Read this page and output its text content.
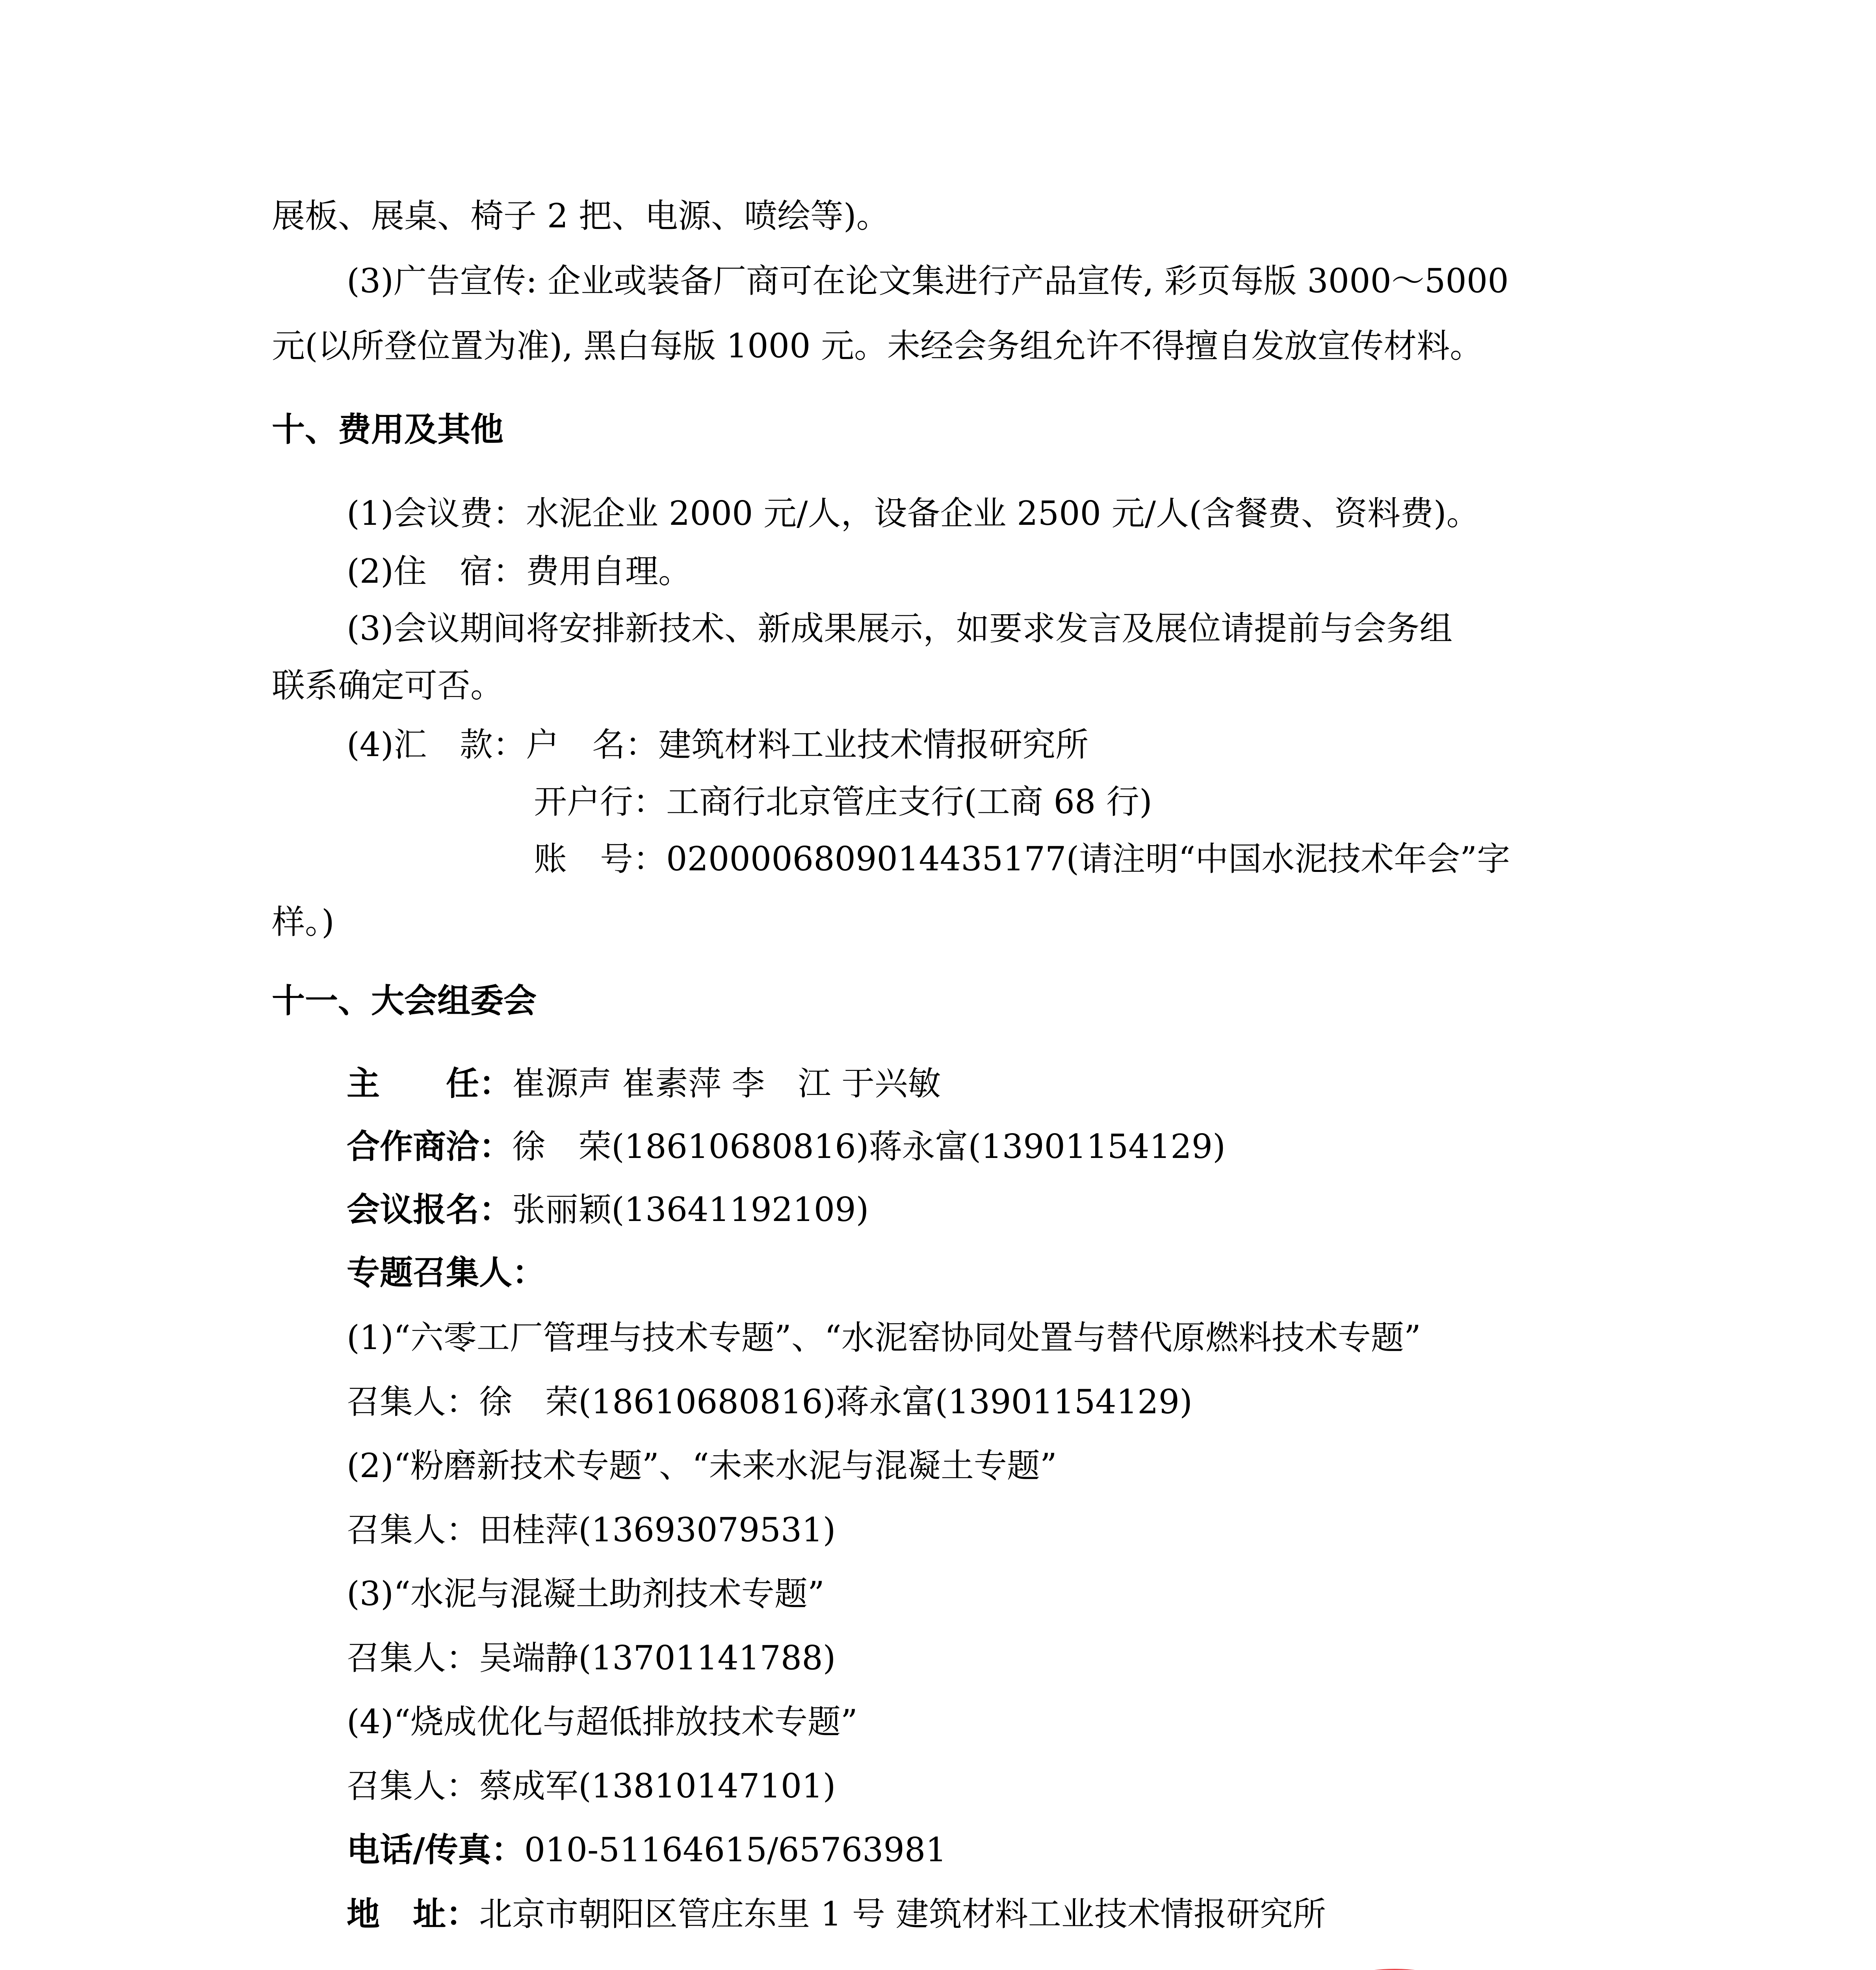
展板、展桌、椅子 2 把、电源、喷绘等)。
(3)广告宣传: 企业或装备厂商可在论文集进行产品宣传, 彩页每版 3000～5000
元(以所登位置为准), 黑白每版 1000 元。未经会务组允许不得擅自发放宣传材料。
十、费用及其他
(1)会议费：水泥企业 2000 元/人，设备企业 2500 元/人(含餐费、资料费)。
(2)住　宿：费用自理。
(3)会议期间将安排新技术、新成果展示，如要求发言及展位请提前与会务组
联系确定可否。
(4)汇　款：户　名：建筑材料工业技术情报研究所
开户行：工商行北京管庄支行(工商 68 行)
账　号：0200006809014435177(请注明“中国水泥技术年会”字
样。)
十一、大会组委会
主　　任：崔源声 崔素萍 李　江 于兴敏
合作商洽：徐　荣(18610680816)蒋永富(13901154129)
会议报名：张丽颖(13641192109)
专题召集人：
(1)“六零工厂管理与技术专题”、“水泥窑协同处置与替代原燃料技术专题”
召集人：徐　荣(18610680816)蒋永富(13901154129)
(2)“粉磨新技术专题”、“未来水泥与混凝土专题”
召集人：田桂萍(13693079531)
(3)“水泥与混凝土助剂技术专题”
召集人：吴端静(13701141788)
(4)“烧成优化与超低排放技术专题”
召集人：蔡成军(13810147101)
电话/传真：010-51164615/65763981
地　址：北京市朝阳区管庄东里 1 号 建筑材料工业技术情报研究所
